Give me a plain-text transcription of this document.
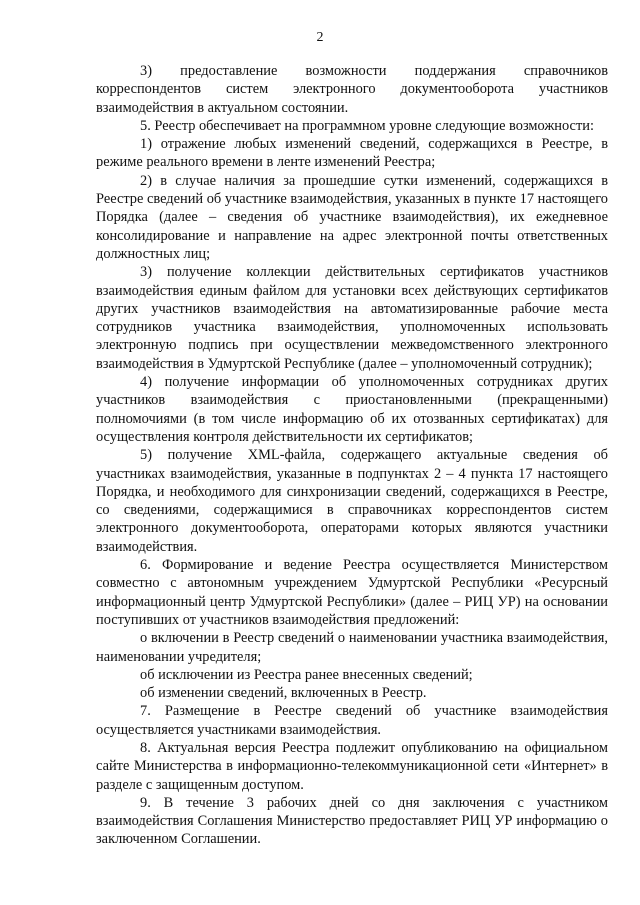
2

3) предоставление возможности поддержания справочников корреспондентов систем электронного документооборота участников взаимодействия в актуальном состоянии.

5. Реестр обеспечивает на программном уровне следующие возможности:

1) отражение любых изменений сведений, содержащихся в Реестре, в режиме реального времени в ленте изменений Реестра;

2) в случае наличия за прошедшие сутки изменений, содержащихся в Реестре сведений об участнике взаимодействия, указанных в пункте 17 настоящего Порядка (далее – сведения об участнике взаимодействия), их ежедневное консолидирование и направление на адрес электронной почты ответственных должностных лиц;

3) получение коллекции действительных сертификатов участников взаимодействия единым файлом для установки всех действующих сертификатов других участников взаимодействия на автоматизированные рабочие места сотрудников участника взаимодействия, уполномоченных использовать электронную подпись при осуществлении межведомственного электронного взаимодействия в Удмуртской Республике (далее – уполномоченный сотрудник);

4) получение информации об уполномоченных сотрудниках других участников взаимодействия с приостановленными (прекращенными) полномочиями (в том числе информацию об их отозванных сертификатах) для осуществления контроля действительности их сертификатов;

5) получение XML-файла, содержащего актуальные сведения об участниках взаимодействия, указанные в подпунктах 2 – 4 пункта 17 настоящего Порядка, и необходимого для синхронизации сведений, содержащихся в Реестре, со сведениями, содержащимися в справочниках корреспондентов систем электронного документооборота, операторами которых являются участники взаимодействия.

6. Формирование и ведение Реестра осуществляется Министерством совместно с автономным учреждением Удмуртской Республики «Ресурсный информационный центр Удмуртской Республики» (далее – РИЦ УР) на основании поступивших от участников взаимодействия предложений:

о включении в Реестр сведений о наименовании участника взаимодействия, наименовании учредителя;

об исключении из Реестра ранее внесенных сведений;

об изменении сведений, включенных в Реестр.

7. Размещение в Реестре сведений об участнике взаимодействия осуществляется участниками взаимодействия.

8. Актуальная версия Реестра подлежит опубликованию на официальном сайте Министерства в информационно-телекоммуникационной сети «Интернет» в разделе с защищенным доступом.

9. В течение 3 рабочих дней со дня заключения с участником взаимодействия Соглашения Министерство предоставляет РИЦ УР информацию о заключенном Соглашении.
